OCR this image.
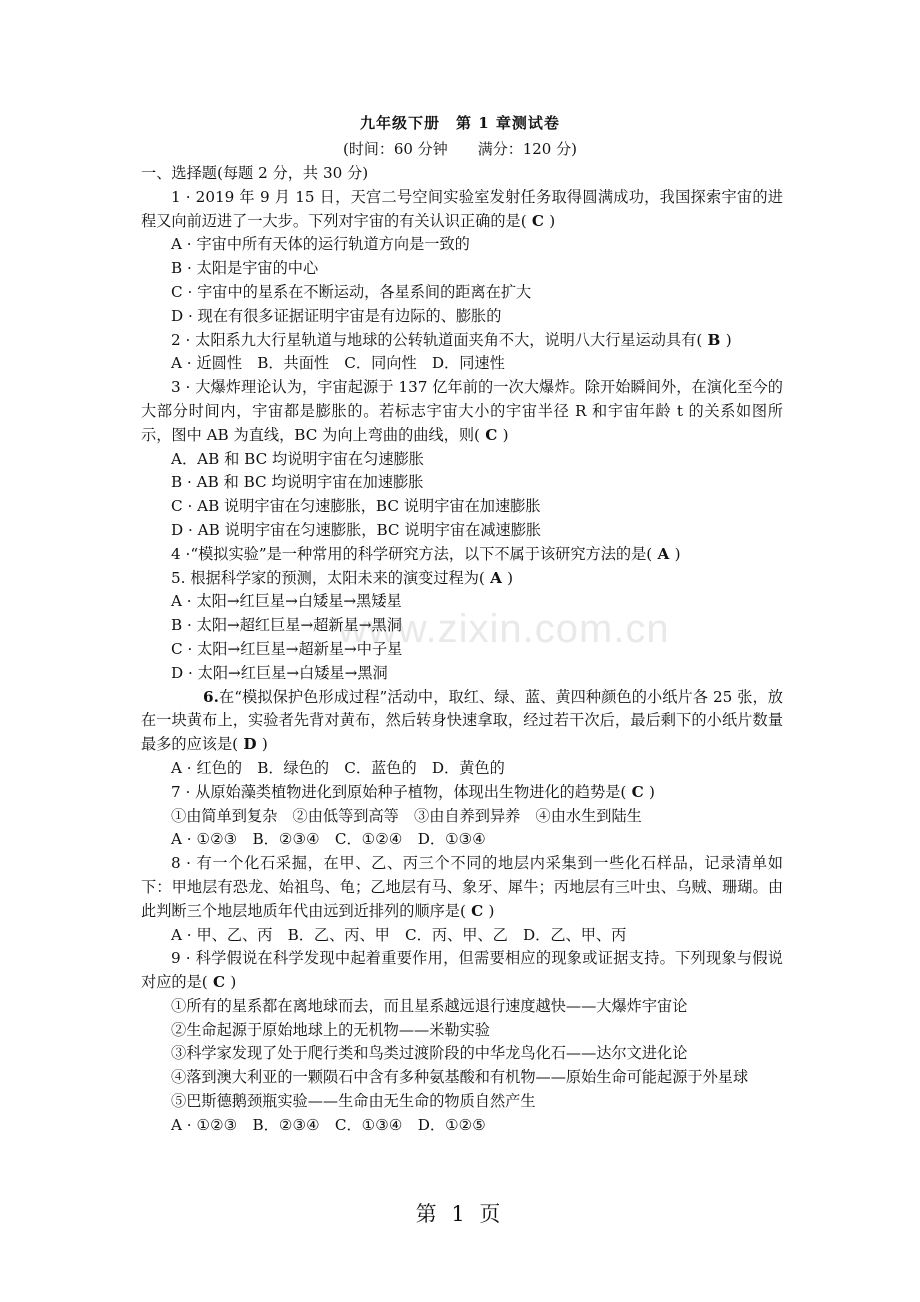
九年级下册　第 1 章测试卷
(时间：60 分钟　　满分：120 分)
www.zixin.com.cn
一、选择题(每题 2 分，共 30 分)
1 · 2019 年 9 月 15 日，天宫二号空间实验室发射任务取得圆满成功，我国探索宇宙的进程又向前迈进了一大步。下列对宇宙的有关认识正确的是( C )
A · 宇宙中所有天体的运行轨道方向是一致的
B · 太阳是宇宙的中心
C · 宇宙中的星系在不断运动，各星系间的距离在扩大
D · 现在有很多证据证明宇宙是有边际的、膨胀的
2 · 太阳系九大行星轨道与地球的公转轨道面夹角不大，说明八大行星运动具有( B )
A · 近圆性　B．共面性　C．同向性　D．同速性
3 · 大爆炸理论认为，宇宙起源于 137 亿年前的一次大爆炸。除开始瞬间外，在演化至今的大部分时间内，宇宙都是膨胀的。若标志宇宙大小的宇宙半径 R 和宇宙年龄 t 的关系如图所示，图中 AB 为直线，BC 为向上弯曲的曲线，则( C )
A．AB 和 BC 均说明宇宙在匀速膨胀
B · AB 和 BC 均说明宇宙在加速膨胀
C · AB 说明宇宙在匀速膨胀，BC 说明宇宙在加速膨胀
D · AB 说明宇宙在匀速膨胀，BC 说明宇宙在减速膨胀
4 ·“模拟实验”是一种常用的科学研究方法，以下不属于该研究方法的是( A )
5. 根据科学家的预测，太阳未来的演变过程为( A )
A · 太阳→红巨星→白矮星→黑矮星
B · 太阳→超红巨星→超新星→黑洞
C · 太阳→红巨星→超新星→中子星
D · 太阳→红巨星→白矮星→黑洞
6.在“模拟保护色形成过程”活动中，取红、绿、蓝、黄四种颜色的小纸片各 25 张，放在一块黄布上，实验者先背对黄布，然后转身快速拿取，经过若干次后，最后剩下的小纸片数量最多的应该是( D )
A · 红色的　B．绿色的　C．蓝色的　D．黄色的
7 · 从原始藻类植物进化到原始种子植物，体现出生物进化的趋势是( C )
①由简单到复杂　②由低等到高等　③由自养到异养　④由水生到陆生
A · ①②③　B．②③④　C．①②④　D．①③④
8 · 有一个化石采掘，在甲、乙、丙三个不同的地层内采集到一些化石样品，记录清单如下：甲地层有恐龙、始祖鸟、龟；乙地层有马、象牙、犀牛；丙地层有三叶虫、乌贼、珊瑚。由此判断三个地层地质年代由远到近排列的顺序是( C )
A · 甲、乙、丙　B．乙、丙、甲　C．丙、甲、乙　D．乙、甲、丙
9 · 科学假说在科学发现中起着重要作用，但需要相应的现象或证据支持。下列现象与假说对应的是( C )
①所有的星系都在离地球而去，而且星系越远退行速度越快——大爆炸宇宙论
②生命起源于原始地球上的无机物——米勒实验
③科学家发现了处于爬行类和鸟类过渡阶段的中华龙鸟化石——达尔文进化论
④落到澳大利亚的一颗陨石中含有多种氨基酸和有机物——原始生命可能起源于外星球
⑤巴斯德鹅颈瓶实验——生命由无生命的物质自然产生
A · ①②③　B．②③④　C．①③④　D．①②⑤
第 1 页
